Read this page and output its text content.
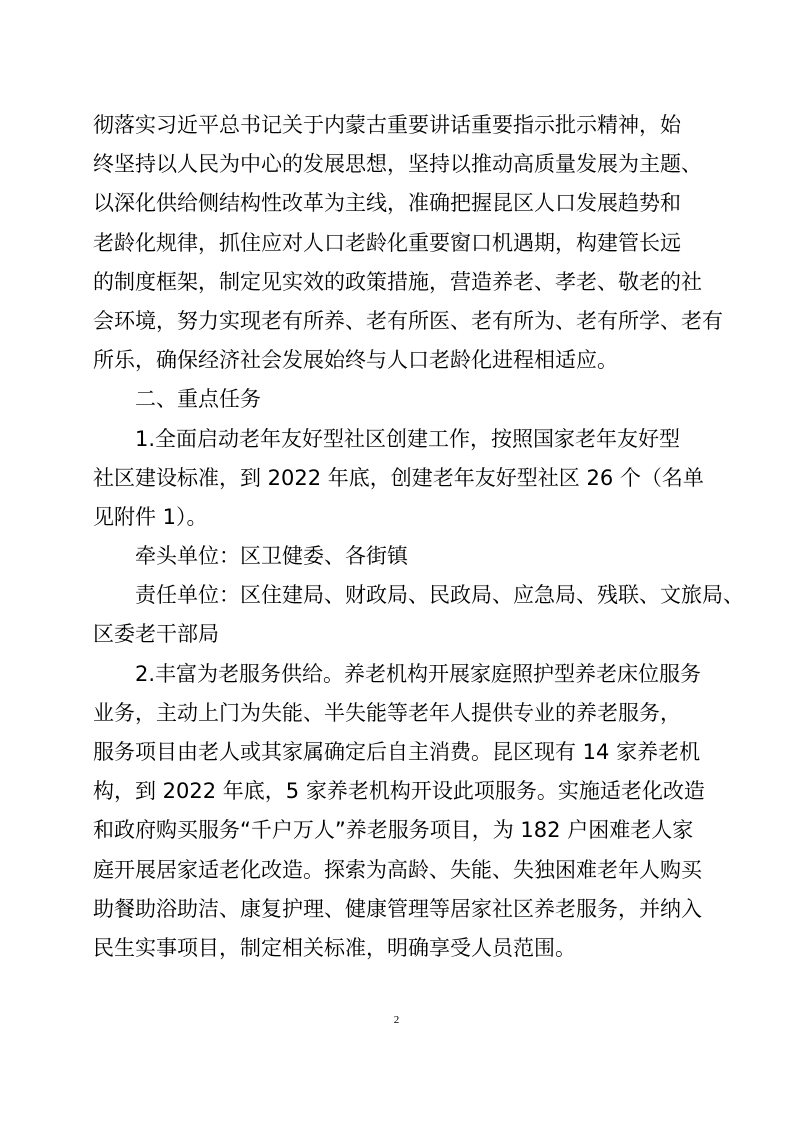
彻落实习近平总书记关于内蒙古重要讲话重要指示批示精神，始
终坚持以人民为中心的发展思想，坚持以推动高质量发展为主题、
以深化供给侧结构性改革为主线，准确把握昆区人口发展趋势和
老龄化规律，抓住应对人口老龄化重要窗口机遇期，构建管长远
的制度框架，制定见实效的政策措施，营造养老、孝老、敬老的社
会环境，努力实现老有所养、老有所医、老有所为、老有所学、老有
所乐，确保经济社会发展始终与人口老龄化进程相适应。
二、重点任务
1.全面启动老年友好型社区创建工作，按照国家老年友好型
社区建设标准，到 2022 年底，创建老年友好型社区 26 个（名单
见附件 1）。
牵头单位：区卫健委、各街镇
责任单位：区住建局、财政局、民政局、应急局、残联、文旅局、
区委老干部局
2.丰富为老服务供给。养老机构开展家庭照护型养老床位服务
业务，主动上门为失能、半失能等老年人提供专业的养老服务，
服务项目由老人或其家属确定后自主消费。昆区现有 14 家养老机
构，到 2022 年底，5 家养老机构开设此项服务。实施适老化改造
和政府购买服务“千户万人”养老服务项目，为 182 户困难老人家
庭开展居家适老化改造。探索为高龄、失能、失独困难老年人购买
助餐助浴助洁、康复护理、健康管理等居家社区养老服务，并纳入
民生实事项目，制定相关标准，明确享受人员范围。
2
